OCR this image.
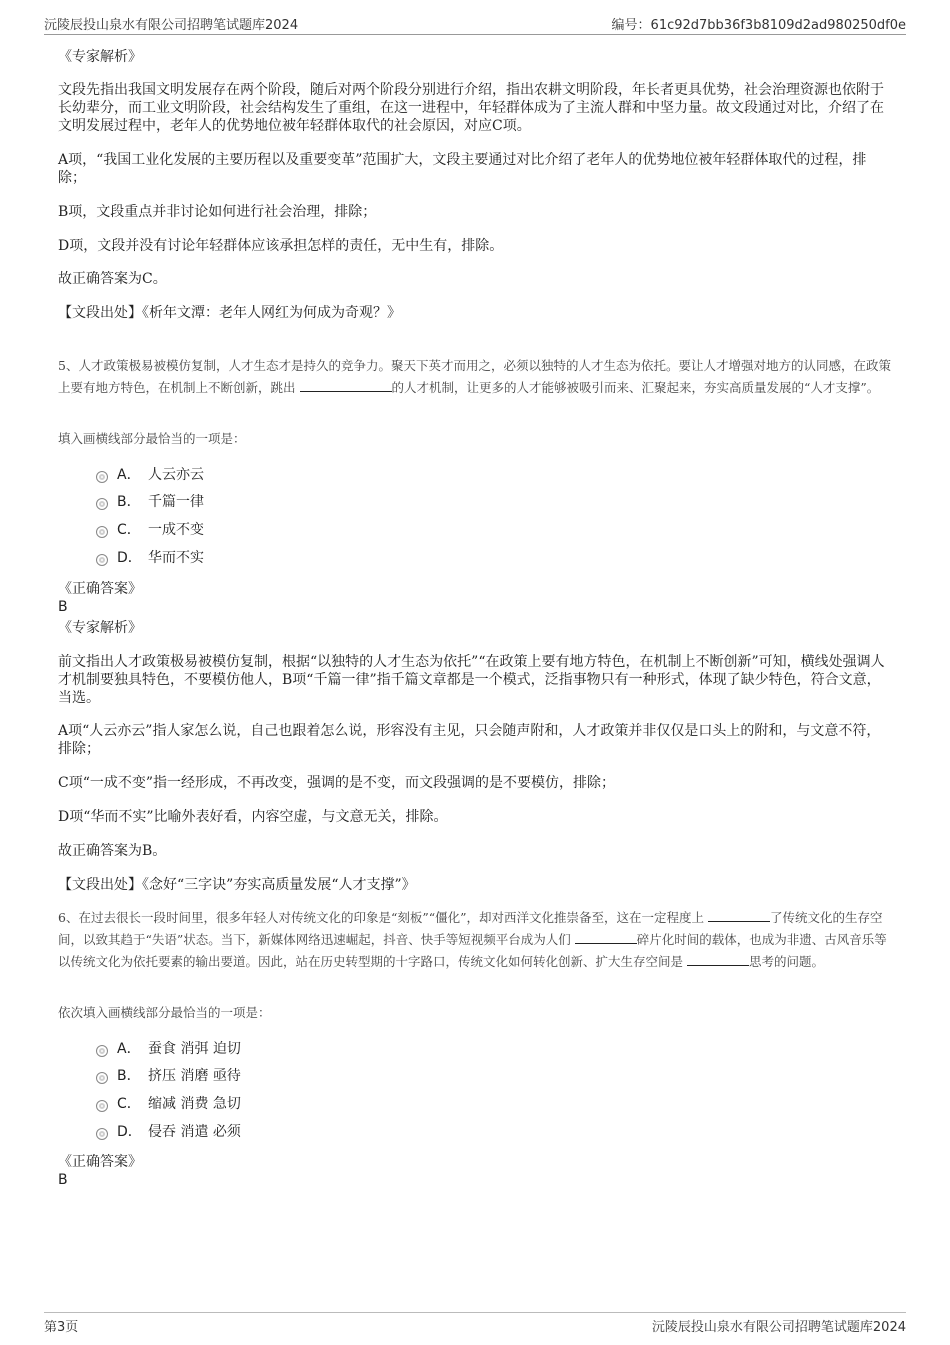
沅陵辰投山泉水有限公司招聘笔试题库2024	编号：61c92d7bb36f3b8109d2ad980250df0e

《专家解析》

文段先指出我国文明发展存在两个阶段，随后对两个阶段分别进行介绍，指出农耕文明阶段，年长者更具优势，社会治理资源也依附于长幼辈分，而工业文明阶段，社会结构发生了重组，在这一进程中，年轻群体成为了主流人群和中坚力量。故文段通过对比，介绍了在文明发展过程中，老年人的优势地位被年轻群体取代的社会原因，对应C项。

A项，“我国工业化发展的主要历程以及重要变革”范围扩大，文段主要通过对比介绍了老年人的优势地位被年轻群体取代的过程，排除；

B项，文段重点并非讨论如何进行社会治理，排除；

D项，文段并没有讨论年轻群体应该承担怎样的责任，无中生有，排除。

故正确答案为C。

【文段出处】《析年文潭：老年人网红为何成为奇观？》

5、人才政策极易被模仿复制，人才生态才是持久的竞争力。聚天下英才而用之，必须以独特的人才生态为依托。要让人才增强对地方的认同感，在政策上要有地方特色，在机制上不断创新，跳出	的人才机制，让更多的人才能够被吸引而来、汇聚起来，夯实高质量发展的“人才支撑”。

填入画横线部分最恰当的一项是：

A． 人云亦云
B． 千篇一律
C． 一成不变
D． 华而不实

《正确答案》

B

《专家解析》

前文指出人才政策极易被模仿复制，根据“以独特的人才生态为依托”“在政策上要有地方特色，在机制上不断创新”可知，横线处强调人才机制要独具特色，不要模仿他人，B项“千篇一律”指千篇文章都是一个模式，泛指事物只有一种形式，体现了缺少特色，符合文意，当选。

A项“人云亦云”指人家怎么说，自己也跟着怎么说，形容没有主见，只会随声附和，人才政策并非仅仅是口头上的附和，与文意不符，排除；

C项“一成不变”指一经形成，不再改变，强调的是不变，而文段强调的是不要模仿，排除；

D项“华而不实”比喻外表好看，内容空虚，与文意无关，排除。

故正确答案为B。

【文段出处】《念好“三字诀”夯实高质量发展“人才支撑”》

6、在过去很长一段时间里，很多年轻人对传统文化的印象是“刻板”“僵化”，却对西洋文化推崇备至，这在一定程度上	了传统文化的生存空间，以致其趋于“失语”状态。当下，新媒体网络迅速崛起，抖音、快手等短视频平台成为人们	碎片化时间的载体，也成为非遗、古风音乐等以传统文化为依托要素的输出要道。因此，站在历史转型期的十字路口，传统文化如何转化创新、扩大生存空间是	思考的问题。

依次填入画横线部分最恰当的一项是：

A． 蚕食 消弭 迫切
B． 挤压 消磨 亟待
C． 缩减 消费 急切
D． 侵吞 消遣 必须

《正确答案》

B

第3页	沅陵辰投山泉水有限公司招聘笔试题库2024
